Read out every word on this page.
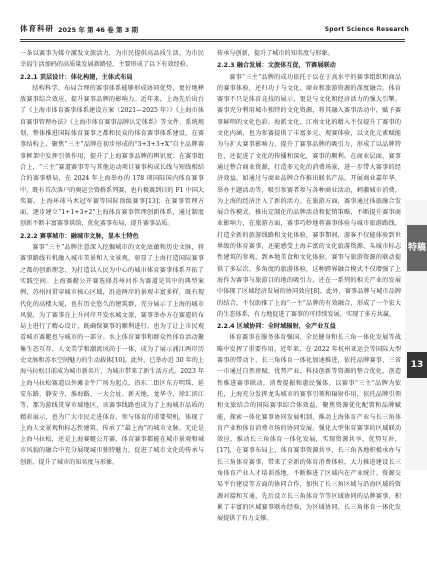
体育科研 2025 年 第 46 卷 第 3 期	Sport Science Research

一条以赛事为媒介激发文旅活力，为市民提供高品质生活、为市民幸福生活加码的高质量发展新路径，主要形成了以下有效经验。

2.2.1 顶层设计：体化构建，主体式布局

结构科学、布局合理的赛事体系能够形成协同优势，更好地释放赛事综合效应，提升赛事品牌的影响力。近年来，上海先后出台了《上海市体育赛事体系建设方案（2021—2025 年）》《上海市体育赛事管理办法》《上海市体育赛事品牌认定体系》等文件，系统规划、整体推进国际体育赛事之都和民众的体育赛事体系建设，在赛事结构上，聚焦“三主”品牌在初步形成的“3+3+3+X”自主品牌赛事框架中发挥引领作用，提升了上海赛事品牌的辨识度；在赛事组合上，“三主”赛道赛事等与其他运动项目赛事构成长线与短线相结合的赛事格局，在 2024 年上海举办的 178 项国际国内体育赛事中，既有首次落户的奥运会资格系列赛、也有极赛到目的 F1 中国大奖赛、上海环球马术冠军赛等国际顶级赛事[13]；在赛事管理方面，逐步建立“1+1+3+2”上海体育赛事管理创新体系，通过制度创新不断丰富赛事供给，优化赛事布局，提升赛事品质。

2.2.2 赛事城市：融城市文脉，显本土特色

赛事“三主”品牌注意深入挖掘城市的文化底蕴和历史文脉，将赛事路线有机融入城市美景和人文景观，彰显了上海打造国际赛事之都的创新理念，为打造以人民为中心的城市体育赛事体系开拓了实践空间。上海赛艇公开赛选择苏州河作为赛道是其中的典型案例，苏州河贯穿城市核心区域，沿途两岸的景观丰富多样，既有现代化的高楼大厦，也有历史悠久的建筑群，充分展示了上海的城市风貌，为了赛事在上升河岸开发水城文旅，赛事举办方在赛道的布局上进行了精心设计，既确保赛事的顺利进行，也为了让上市民观看城市赛艇也与城市的一部分。水上体育赛事和群众性体育活动聚集生态互存，人文美学和潮流风尚于一体，成为了展示浦江两岸历史文脉和苏水空间魅力的生动载体[10]。此外，已举办近 30 年的上海马拉松目前成为城市新名片，为城市带来了新生活方式。2023 年上海马拉松赛道以外滩金牛广场为起点，沿东二街区东方明珠、延安东路、静安寺、淮海路、一大会址、新天地、龙华寺、徐汇滨江等，那为游线贯穿市域地区，该赛事线路也成为了上海城市品质的精彩展示，也为广大市民走进体育、参与体育的重要契机，体现了上海人文景观和标志性建筑，传承了“最上海”的城市文脉。无论是上海马拉松，还是上海赛艇公开赛，体育赛事都能在城市景观和城市风貌的融合中充分展现城市独特魅力，促进了城市文化的传承与创新，提升了城市的知名度与形象。

传承与创新，提升了城市的知名度与形象。

2.2.3 融合发展：文旅体互促，节赛展联动

赛事“三主”品牌的成功依托于以在于高水平的赛事组织和商品的赛事体验，还归功于与文化、商业和旅游资源的深度融合。体育赛事不只是体育竞技的展示，更是与文化和经济活力的强大引擎。赛事充分利用城市独特的文化资源，将其融入赛事活动中，赋予赛事鲜明的文化色彩。海派文化、江南文化的精入不仅提升了赛事的文化内涵，也为参赛提供了丰富多元、观赛体验，以文化元素赋能为与扩大赛事影响力，提升了赛事品牌的吸引力，形成了以品牌特色，还促进了文化的传播和深化，赛事的顺利。在商业层面，赛事通过整合商业资源，打造多元化的消费场景，进一步带大赛事的经济效益，如通过与商业品牌合作推出联名产品、开展商业嘉年华、举办主题活动等，吸引参赛者参与各种商业活动，刺激城市消费，为上海的经济注入了新的活力。在旅游方面，赛事通过体旅融合发展合作模式，推出定制化的品牌活动和促销策略，不断提升赛事商业影响力，在旅游方面，赛事巧妙地将赛事体验与城市旅游路线，打造全新的旅游线路和文化体验，赛事期间，游客不仅能体验到世界级的体育赛事，还能感受上海丰富的文化旅游资源。头城市标志性建筑的参观，到本地美食和文化体验，赛事与旅游资源的联动提供了多层次、多角度的旅游体验，这种跨界融合模式不仅增强了上海作为赛事与旅游目的地的吸引力，还在一系列的相关产业的发展中体现了区域经济发展的协同效应[8]。此外，赛事品牌与城市品牌的结合，不仅助推了上海“一主”品牌的有效融合，形成了一个宏大的生态体系，有力地促进了赛事的可持续发展，实现了多方共赢。

2.2.4 区域协同：全时域辐射，全产业互益

体育赛事在服务体育强国、全民健身和长三角一体化发展等战略中发挥了重要作用。近年来，在 2022 年杭州亚运会等国际大型赛事的带动下，长三角体育一体化加速推进，依托品牌赛事、三省一市通过自然禀赋、优势产业、科技创新等资源的整合优化，创造性推进赛事联动，消费提振和惠民强体。以赛事“三主”品牌为依托，上海充分发挥龙头城市的赛事引领和辐射作用，依托品牌引领和文旅结合的国际赛事综合体效益，聚焦资源优化配置和品牌赋能，探索一体化赛事协同发展机制，推动上海体育产业与长三角体育产业和体育消费市场的协同发展。强化大型体育赛事的区域联动效应，推动长三角体育一体化发展，实现资源共享、优势互补，[17]，在赛事布局上，体育赛事资源共享，长三角各地积极承办与长三角体育赛事，带来了全新的体育消费体验。大力推进建设长三角体育产业人才培训基地，不断推进了区域内在产业统计、资源交易平台建设等方面的协同合作，加快了长三角区域与沿海区域的资源对接和互通，先后设立长三角体育节等区域协同的品牌赛事，积累了丰富的区域赛事联办经验，为区域协同、长三角体育一体化发展提供了有力支撑。

特稿
13
